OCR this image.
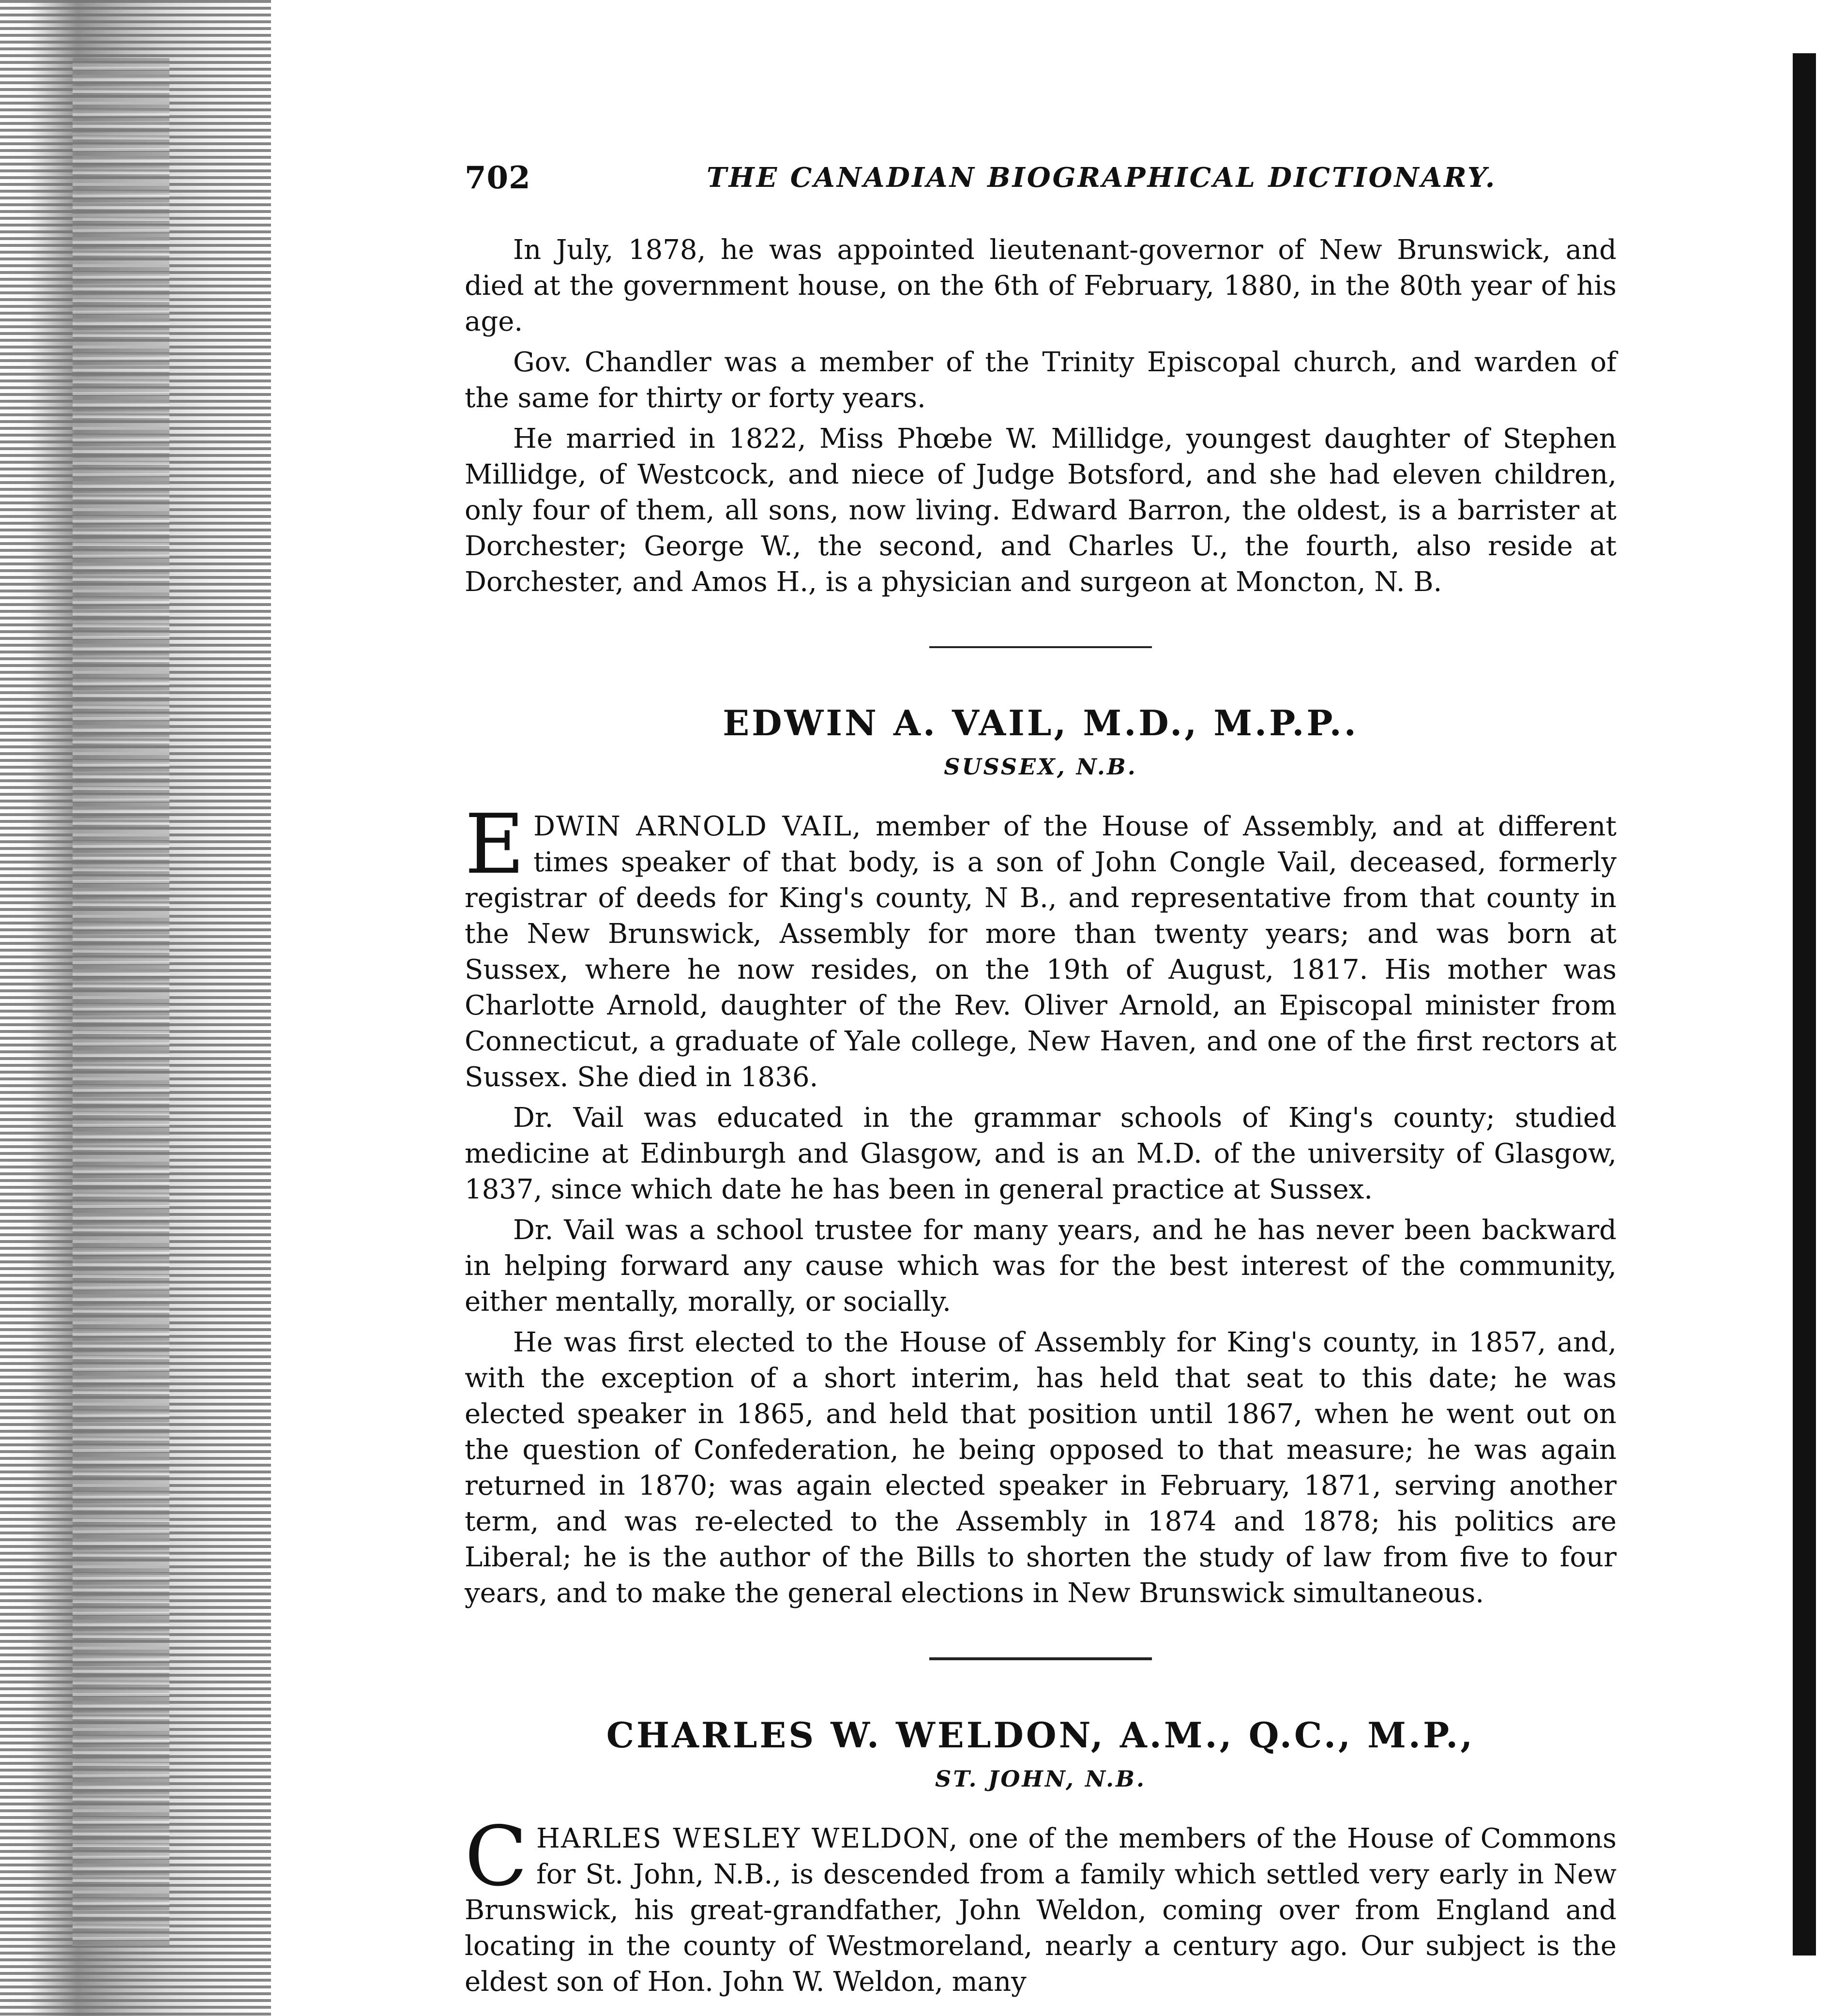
702	THE CANADIAN BIOGRAPHICAL DICTIONARY.

In July, 1878, he was appointed lieutenant-governor of New Brunswick, and died at the government house, on the 6th of February, 1880, in the 80th year of his age.

Gov. Chandler was a member of the Trinity Episcopal church, and warden of the same for thirty or forty years.

He married in 1822, Miss Phœbe W. Millidge, youngest daughter of Stephen Millidge, of Westcock, and niece of Judge Botsford, and she had eleven children, only four of them, all sons, now living. Edward Barron, the oldest, is a barrister at Dorchester; George W., the second, and Charles U., the fourth, also reside at Dorchester, and Amos H., is a physician and surgeon at Moncton, N. B.

EDWIN A. VAIL, M.D., M.P.P..
SUSSEX, N.B.

EDWIN ARNOLD VAIL, member of the House of Assembly, and at different times speaker of that body, is a son of John Congle Vail, deceased, formerly registrar of deeds for King's county, N B., and representative from that county in the New Brunswick, Assembly for more than twenty years; and was born at Sussex, where he now resides, on the 19th of August, 1817. His mother was Charlotte Arnold, daughter of the Rev. Oliver Arnold, an Episcopal minister from Connecticut, a graduate of Yale college, New Haven, and one of the first rectors at Sussex. She died in 1836.

Dr. Vail was educated in the grammar schools of King's county; studied medicine at Edinburgh and Glasgow, and is an M.D. of the university of Glasgow, 1837, since which date he has been in general practice at Sussex.

Dr. Vail was a school trustee for many years, and he has never been backward in helping forward any cause which was for the best interest of the community, either mentally, morally, or socially.

He was first elected to the House of Assembly for King's county, in 1857, and, with the exception of a short interim, has held that seat to this date; he was elected speaker in 1865, and held that position until 1867, when he went out on the question of Confederation, he being opposed to that measure; he was again returned in 1870; was again elected speaker in February, 1871, serving another term, and was re-elected to the Assembly in 1874 and 1878; his politics are Liberal; he is the author of the Bills to shorten the study of law from five to four years, and to make the general elections in New Brunswick simultaneous.

CHARLES W. WELDON, A.M., Q.C., M.P.,
ST. JOHN, N.B.

CHARLES WESLEY WELDON, one of the members of the House of Commons for St. John, N.B., is descended from a family which settled very early in New Brunswick, his great-grandfather, John Weldon, coming over from England and locating in the county of Westmoreland, nearly a century ago. Our subject is the eldest son of Hon. John W. Weldon, many
